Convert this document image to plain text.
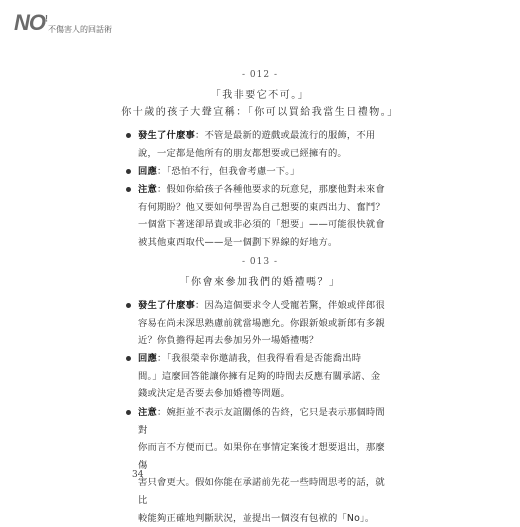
NO!
不傷害人的回話術
- 012 -
「我非要它不可。」
你十歲的孩子大聲宣稱：「你可以買給我當生日禮物。」
發生了什麼事：不管是最新的遊戲或最流行的服飾，不用
說，一定都是他所有的朋友都想要或已經擁有的。
回應：「恐怕不行，但我會考慮一下。」
注意：假如你給孩子各種他要求的玩意兒，那麼他對未來會
有何期盼？他又要如何學習為自己想要的東西出力、奮鬥？
一個當下著迷卻昂貴或非必須的「想要」——可能很快就會
被其他東西取代——是一個劃下界線的好地方。
- 013 -
「你會來參加我們的婚禮嗎？」
發生了什麼事：因為這個要求令人受寵若驚，伴娘或伴郎很
容易在尚未深思熟慮前就當場應允。你跟新娘或新郎有多親
近？你負擔得起再去參加另外一場婚禮嗎？
回應：「我很榮幸你邀請我，但我得看看是否能喬出時
間。」這麼回答能讓你擁有足夠的時間去反應有關承諾、金
錢或決定是否要去參加婚禮等問題。
注意：婉拒並不表示友誼關係的告終，它只是表示那個時間對
你而言不方便而已。如果你在事情定案後才想要退出，那麼傷
害只會更大。假如你能在承諾前先花一些時間思考的話，就比
較能夠正確地判斷狀況，並提出一個沒有包袱的「No」。
34
